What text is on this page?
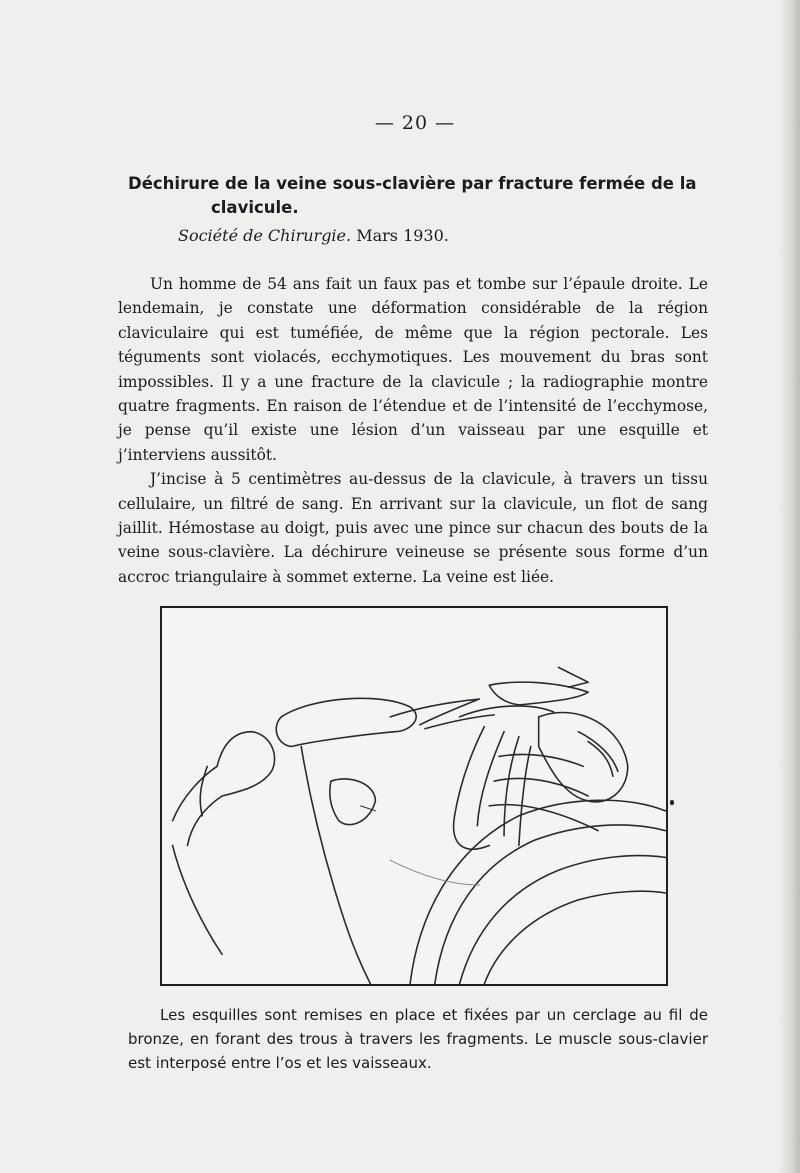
— 20 —
Déchirure de la veine sous-clavière par fracture fermée de la
clavicule.
Société de Chirurgie. Mars 1930.

Un homme de 54 ans fait un faux pas et tombe sur l’épaule droite. Le lendemain, je constate une déformation considérable de la région claviculaire qui est tuméfiée, de même que la région pectorale. Les téguments sont violacés, ecchymotiques. Les mouvement du bras sont impossibles. Il y a une fracture de la clavicule ; la radiographie montre quatre fragments. En raison de l’étendue et de l’intensité de l’ecchymose, je pense qu’il existe une lésion d’un vaisseau par une esquille et j’interviens aussitôt.

J’incise à 5 centimètres au-dessus de la clavicule, à travers un tissu cellulaire, un filtré de sang. En arrivant sur la clavicule, un flot de sang jaillit. Hémostase au doigt, puis avec une pince sur chacun des bouts de la veine sous-clavière. La déchirure veineuse se présente sous forme d’un accroc triangulaire à sommet externe. La veine est liée.

Les esquilles sont remises en place et fixées par un cerclage au fil de bronze, en forant des trous à travers les fragments. Le muscle sous-clavier est interposé entre l’os et les vaisseaux.
